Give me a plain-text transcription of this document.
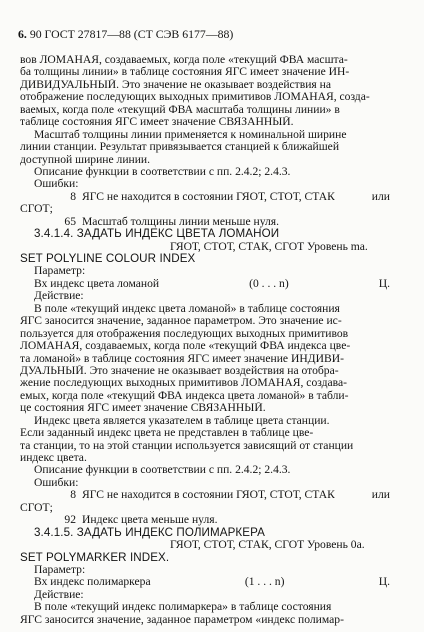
6. 90 ГОСТ 27817—88 (СТ СЭВ 6177—88)
вов ЛОМАНАЯ, создаваемых, когда поле «текущий ФВА масшта-
ба толщины линии» в таблице состояния ЯГС имеет значение ИН-
ДИВИДУАЛЬНЫЙ. Это значение не оказывает воздействия на
отображение последующих выходных примитивов ЛОМАНАЯ, созда-
ваемых, когда поле «текущий ФВА масштаба толщины линии» в
таблице состояния ЯГС имеет значение СВЯЗАННЫЙ.
Масштаб толщины линии применяется к номинальной ширине
линии станции. Результат привязывается станцией к ближайшей
доступной ширине линии.
Описание функции в соответствии с пп. 2.4.2; 2.4.3.
Ошибки:
8 ЯГС не находится в состоянии ГЯОТ, СТОТ, СТАК	или
СГОТ;
65 Масштаб толщины линии меньше нуля.
3.4.1.4. ЗАДАТЬ ИНДЕКС ЦВЕТА ЛОМАНОЙ
ГЯОТ, СТОТ, СТАК, СГОТ Уровень mа.
SET POLYLINE COLOUR INDEX
Параметр:
Вх индекс цвета ломаной	(0 . . . n)	Ц.
Действие:
В поле «текущий индекс цвета ломаной» в таблице состояния
ЯГС заносится значение, заданное параметром. Это значение ис-
пользуется для отображения последующих выходных примитивов
ЛОМАНАЯ, создаваемых, когда поле «текущий ФВА индекса цве-
та ломаной» в таблице состояния ЯГС имеет значение ИНДИВИ-
ДУАЛЬНЫЙ. Это значение не оказывает воздействия на отобра-
жение последующих выходных примитивов ЛОМАНАЯ, создава-
емых, когда поле «текущий ФВА индекса цвета ломаной» в табли-
це состояния ЯГС имеет значение СВЯЗАННЫЙ.
Индекс цвета является указателем в таблице цвета станции.
Если заданный индекс цвета не представлен в таблице цве-
та станции, то на этой станции используется зависящий от станции
индекс цвета.
Описание функции в соответствии с пп. 2.4.2; 2.4.3.
Ошибки:
8 ЯГС не находится в состоянии ГЯОТ, СТОТ, СТАК	или
СГОТ;
92 Индекс цвета меньше нуля.
3.4.1.5. ЗАДАТЬ ИНДЕКС ПОЛИМАРКЕРА
ГЯОТ, СТОТ, СТАК, СГОТ Уровень 0а.
SET POLYMARKER INDEX.
Параметр:
Вх индекс полимаркера	(1 . . . n)	Ц.
Действие:
В поле «текущий индекс полимаркера» в таблице состояния
ЯГС заносится значение, заданное параметром «индекс полимар-
